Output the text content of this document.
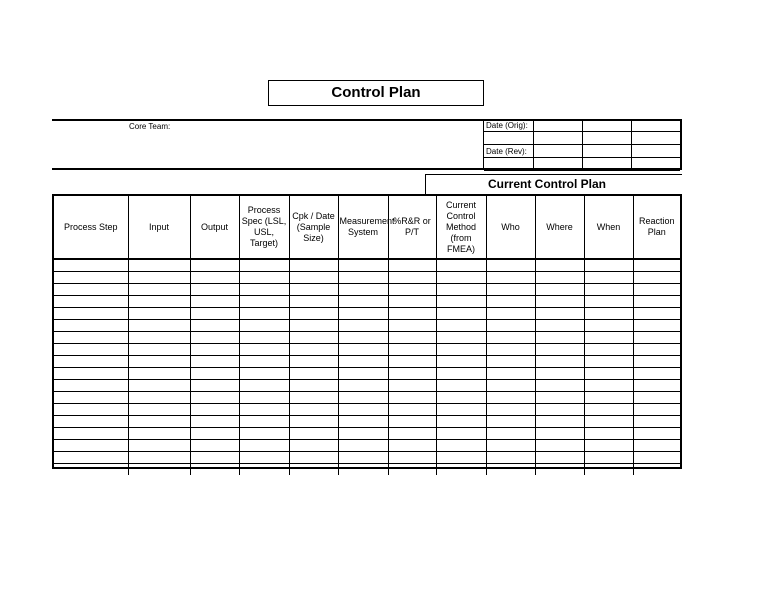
Control Plan
Core Team:	Date (Orig):			

Date (Rev):			

Current Control Plan
Process Step	Input	Output	Process Spec (LSL, USL, Target)	Cpk / Date (Sample Size)	Measurement System	%R&R or P/T	Current Control Method (from FMEA)	Who	Where	When	Reaction Plan
